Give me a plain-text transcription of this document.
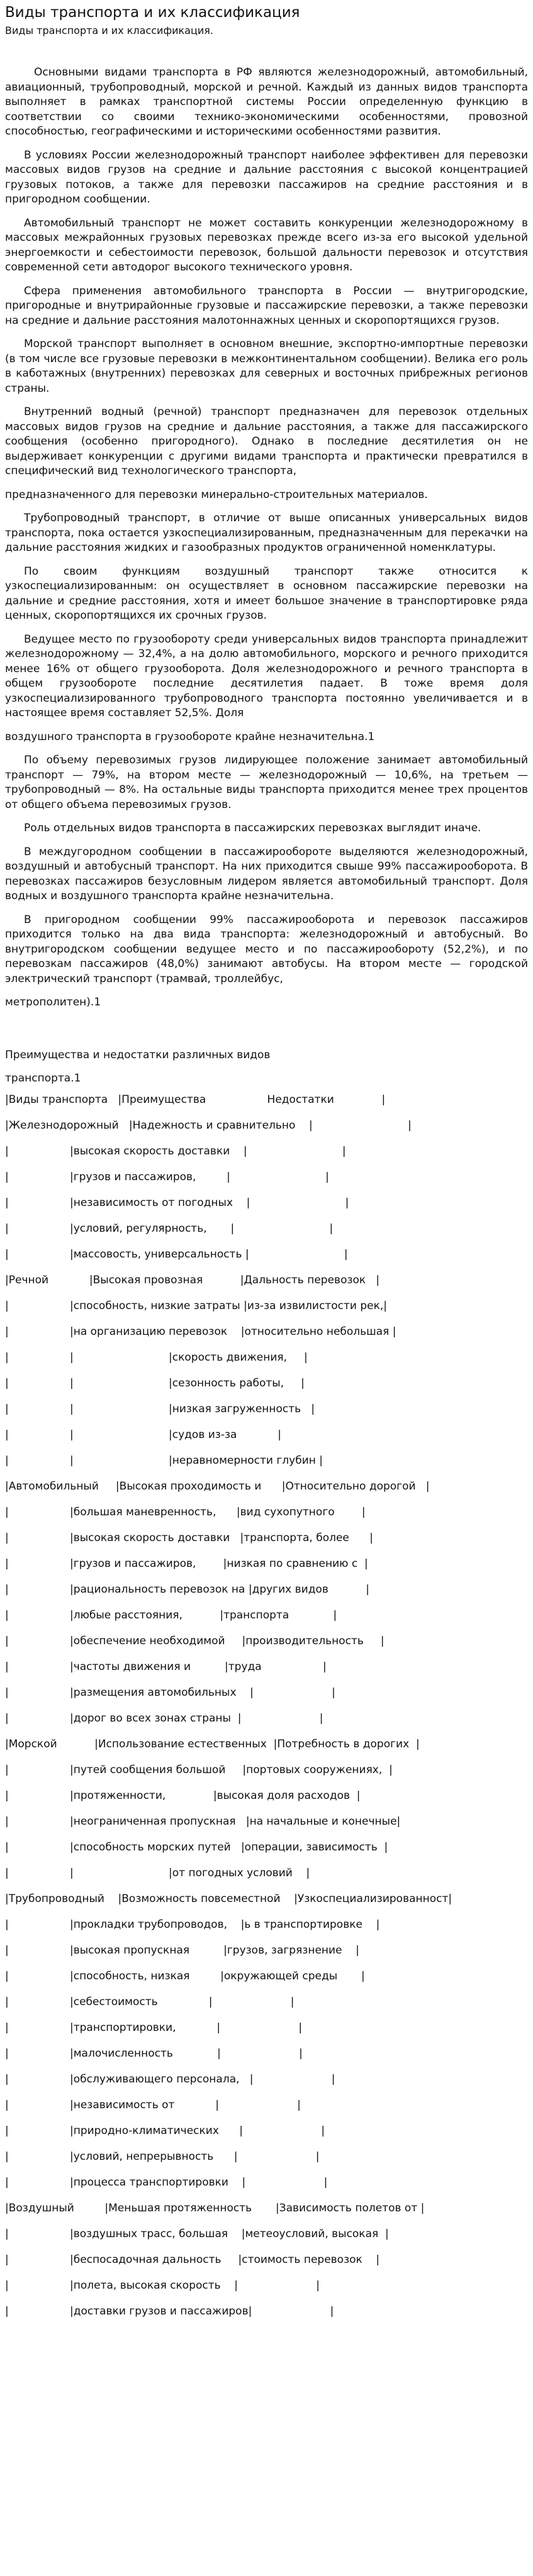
Виды транспорта и их классификация
Виды транспорта и их классификация.

Основными видами транспорта в РФ являются железнодорожный, автомобильный, авиационный, трубопроводный, морской и речной. Каждый из данных видов транспорта выполняет в рамках транспортной системы России определенную функцию в соответствии со своими технико-экономическими особенностями, провозной способностью, географическими и историческими особенностями развития.

В условиях России железнодорожный транспорт наиболее эффективен для перевозки массовых видов грузов на средние и дальние расстояния с высокой концентрацией грузовых потоков, а также для перевозки пассажиров на средние расстояния и в пригородном сообщении.

Автомобильный транспорт не может составить конкуренции железнодорожному в массовых межрайонных грузовых перевозках прежде всего из-за его высокой удельной энергоемкости и себестоимости перевозок, большой дальности перевозок и отсутствия современной сети автодорог высокого технического уровня.

Сфера применения автомобильного транспорта в России — внутригородские, пригородные и внутрирайонные грузовые и пассажирские перевозки, а также перевозки на средние и дальние расстояния малотоннажных ценных и скоропортящихся грузов.

Морской транспорт выполняет в основном внешние, экспортно-импортные перевозки (в том числе все грузовые перевозки в межконтинентальном сообщении). Велика его роль в каботажных (внутренних) перевозках для северных и восточных прибрежных регионов страны.

Внутренний водный (речной) транспорт предназначен для перевозок отдельных массовых видов грузов на средние и дальние расстояния, а также для пассажирского сообщения (особенно пригородного). Однако в последние десятилетия он не выдерживает конкуренции с другими видами транспорта и практически превратился в специфический вид технологического транспорта,

предназначенного для перевозки минерально-строительных материалов.

Трубопроводный транспорт, в отличие от выше описанных универсальных видов транспорта, пока остается узкоспециализированным, предназначенным для перекачки на дальние расстояния жидких и газообразных продуктов ограниченной номенклатуры.

По своим функциям воздушный транспорт также относится к узкоспециализированным: он осуществляет в основном пассажирские перевозки на дальние и средние расстояния, хотя и имеет большое значение в транспортировке ряда ценных, скоропортящихся их срочных грузов.

Ведущее место по грузообороту среди универсальных видов транспорта принадлежит железнодорожному — 32,4%, а на долю автомобильного, морского и речного приходится менее 16% от общего грузооборота. Доля железнодорожного и речного транспорта в общем грузообороте последние десятилетия падает. В тоже время доля узкоспециализированного трубопроводного транспорта постоянно увеличивается и в настоящее время составляет 52,5%. Доля

воздушного транспорта в грузообороте крайне незначительна.1

По объему перевозимых грузов лидирующее положение занимает автомобильный транспорт — 79%, на втором месте — железнодорожный — 10,6%, на третьем — трубопроводный — 8%. На остальные виды транспорта приходится менее трех процентов от общего объема перевозимых грузов.

Роль отдельных видов транспорта в пассажирских перевозках выглядит иначе.

В междугородном сообщении в пассажирообороте выделяются железнодорожный, воздушный и автобусный транспорт. На них приходится свыше 99% пассажирооборота. В перевозках пассажиров безусловным лидером является автомобильный транспорт. Доля водных и воздушного транспорта крайне незначительна.

В пригородном сообщении 99% пассажирооборота и перевозок пассажиров приходится только на два вида транспорта: железнодорожный и автобусный. Во внутригородском сообщении ведущее место и по пассажирообороту (52,2%), и по перевозкам пассажиров (48,0%) занимают автобусы. На втором месте — городской электрический транспорт (трамвай, троллейбус,

метрополитен).1

Преимущества и недостатки различных видов
транспорта.1
|Виды транспорта   |Преимущества                  Недостатки              |
|Железнодорожный   |Надежность и сравнительно    |                            |
|                  |высокая скорость доставки    |                            |
|                  |грузов и пассажиров,         |                            |
|                  |независимость от погодных    |                            |
|                  |условий, регулярность,       |                            |
|                  |массовость, универсальность |                            |
|Речной            |Высокая провозная           |Дальность перевозок   |
|                  |способность, низкие затраты |из-за извилистости рек,|
|                  |на организацию перевозок    |относительно небольшая |
|                  |                            |скорость движения,     |
|                  |                            |сезонность работы,     |
|                  |                            |низкая загруженность   |
|                  |                            |судов из-за            |
|                  |                            |неравномерности глубин |
|Автомобильный     |Высокая проходимость и      |Относительно дорогой   |
|                  |большая маневренность,      |вид сухопутного        |
|                  |высокая скорость доставки   |транспорта, более      |
|                  |грузов и пассажиров,        |низкая по сравнению с  |
|                  |рациональность перевозок на |других видов           |
|                  |любые расстояния,           |транспорта             |
|                  |обеспечение необходимой     |производительность     |
|                  |частоты движения и          |труда                  |
|                  |размещения автомобильных    |                       |
|                  |дорог во всех зонах страны  |                       |
|Морской           |Использование естественных  |Потребность в дорогих  |
|                  |путей сообщения большой     |портовых сооружениях,  |
|                  |протяженности,              |высокая доля расходов  |
|                  |неограниченная пропускная   |на начальные и конечные|
|                  |способность морских путей   |операции, зависимость  |
|                  |                            |от погодных условий    |
|Трубопроводный    |Возможность повсеместной    |Узкоспециализированност|
|                  |прокладки трубопроводов,    |ь в транспортировке    |
|                  |высокая пропускная          |грузов, загрязнение    |
|                  |способность, низкая         |окружающей среды       |
|                  |себестоимость               |                       |
|                  |транспортировки,            |                       |
|                  |малочисленность             |                       |
|                  |обслуживающего персонала,   |                       |
|                  |независимость от            |                       |
|                  |природно-климатических      |                       |
|                  |условий, непрерывность      |                       |
|                  |процесса транспортировки    |                       |
|Воздушный         |Меньшая протяженность       |Зависимость полетов от |
|                  |воздушных трасс, большая    |метеоусловий, высокая  |
|                  |беспосадочная дальность     |стоимость перевозок    |
|                  |полета, высокая скорость    |                       |
|                  |доставки грузов и пассажиров|                       |
